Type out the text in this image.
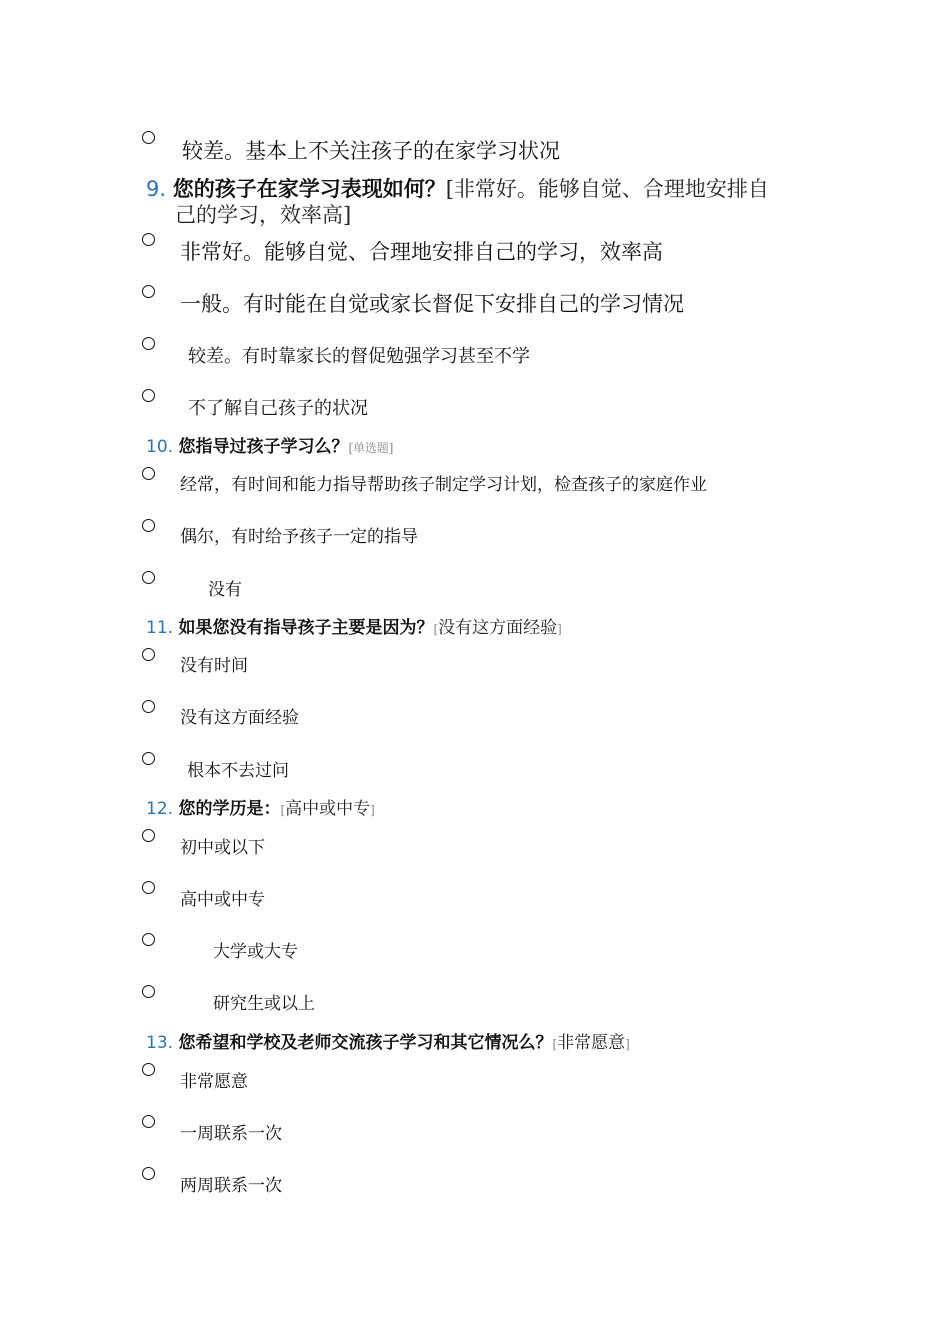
较差。基本上不关注孩子的在家学习状况
9. 您的孩子在家学习表现如何？[非常好。能够自觉、合理地安排自
己的学习，效率高]
非常好。能够自觉、合理地安排自己的学习，效率高
一般。有时能在自觉或家长督促下安排自己的学习情况
较差。有时靠家长的督促勉强学习甚至不学
不了解自己孩子的状况
10. 您指导过孩子学习么？[单选题]
经常，有时间和能力指导帮助孩子制定学习计划，检查孩子的家庭作业
偶尔，有时给予孩子一定的指导
没有
11. 如果您没有指导孩子主要是因为？[没有这方面经验]
没有时间
没有这方面经验
根本不去过问
12. 您的学历是：[高中或中专]
初中或以下
高中或中专
大学或大专
研究生或以上
13. 您希望和学校及老师交流孩子学习和其它情况么？[非常愿意]
非常愿意
一周联系一次
两周联系一次
